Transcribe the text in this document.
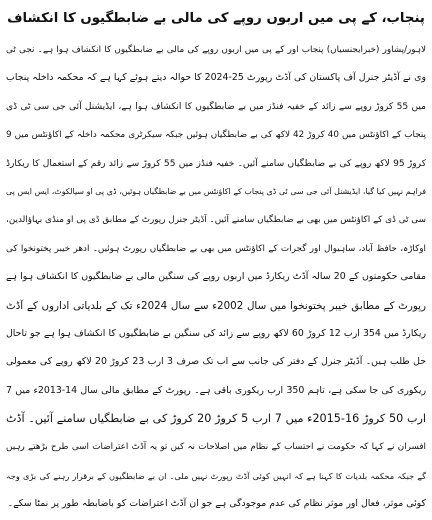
پنجاب، کے پی میں اربوں روپے کی مالی بے ضابطگیوں کا انکشاف
لاہور/پشاور (خبرایجنسیاں) پنجاب اور کے پی میں اربوں روپے کی مالی بے ضابطگیوں کا انکشاف ہوا ہے۔ نجی ٹی
وی نے آڈیٹر جنرل آف پاکستان کی آڈٹ رپورٹ 25-2024 کا حوالہ دیتے ہوئے کہا ہے کہ محکمہ داخلہ پنجاب
میں 55 کروڑ روپے سے زائد کے خفیہ فنڈز میں بے ضابطگیوں کا انکشاف ہوا ہے، ایڈیشنل آئی جی سی ٹی ڈی
پنجاب کے اکاؤنٹس میں 40 کروڑ 42 لاکھ کی بے ضابطگیاں ہوئیں جبکہ سیکرٹری محکمہ داخلہ کے اکاؤنٹس میں 9
کروڑ 95 لاکھ روپے کی بے ضابطگیاں سامنے آئیں۔ خفیہ فنڈز میں 55 کروڑ سے زائد رقم کے استعمال کا ریکارڈ
فراہم نہیں کیا گیا، ایڈیشنل آئی جی سی ٹی ڈی پنجاب کے اکاؤنٹس میں بے ضابطگیاں ہوئیں، ڈی پی او سیالکوٹ، ایس ایس پی
سی ٹی ڈی کے اکاؤنٹس میں بھی بے ضابطگیاں سامنے آئیں۔ آڈیٹر جنرل رپورٹ کے مطابق ڈی پی او منڈی بہاؤالدین،
اوکاڑہ، حافظ آباد، ساہیوال اور گجرات کے اکاؤنٹس میں بھی بے ضابطگیاں رپورٹ ہوئیں۔ ادھر خیبر پختونخوا کی
مقامی حکومتوں کے 20 سالہ آڈٹ ریکارڈ میں اربوں روپے کی سنگین مالی بے ضابطگیوں کا انکشاف ہوا ہے
رپورٹ کے مطابق خیبر پختونخوا میں سال 2002ء سے سال 2024ء تک کے بلدیاتی اداروں کے آڈٹ
ریکارڈ میں 354 ارب 12 کروڑ 60 لاکھ روپے سے زائد کی سنگین بے ضابطگیوں کا انکشاف ہوا ہے جو تاحال
حل طلب ہیں۔ آڈیٹر جنرل کے دفتر کی جانب سے اب تک صرف 3 ارب 23 کروڑ 20 لاکھ روپے کی معمولی
ریکوری کی جا سکی ہے، تاہم 350 ارب ریکوری باقی ہے۔ رپورٹ کے مطابق مالی سال 14-2013ء میں 7
ارب 50 کروڑ 16-2015ء میں 7 ارب 5 کروڑ 20 کروڑ کی بے ضابطگیاں سامنے آئیں۔ آڈٹ
افسران نے کہا کہ حکومت نے احتساب کے نظام میں اصلاحات نہ کیں تو یہ آڈٹ اعتراضات اسی طرح بڑھتے رہیں
گے جبکہ محکمہ بلدیات کا کہنا ہے کہ انہیں کوئی آڈٹ رپورٹ نہیں ملی۔ ان بے ضابطگیوں کے برقرار رہنے کی بڑی وجہ
کوئی موثر، فعال اور موثر نظام کی عدم موجودگی ہے جو ان آڈٹ اعتراضات کو باضابطہ طور پر نمٹا سکے۔
